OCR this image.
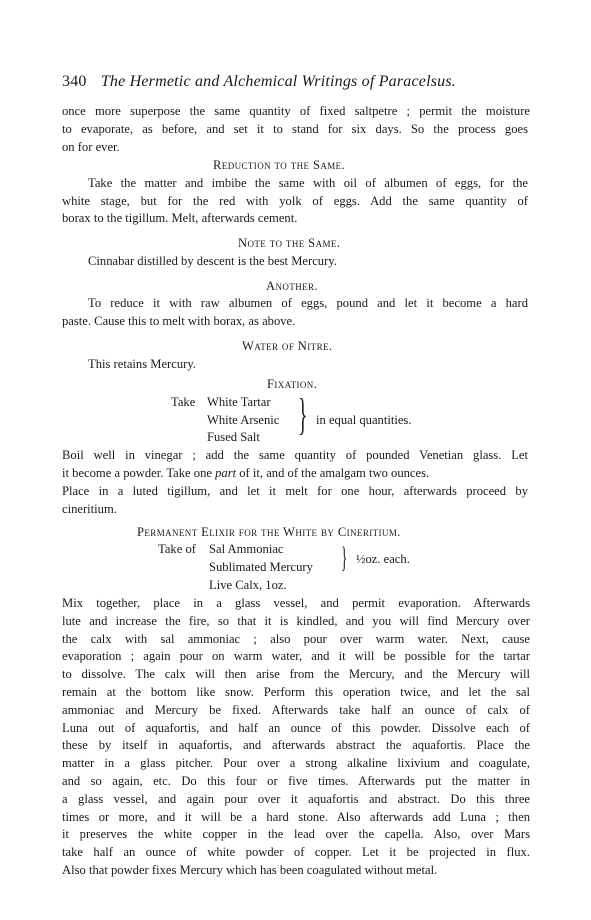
340 The Hermetic and Alchemical Writings of Paracelsus.
once more superpose the same quantity of fixed saltpetre ; permit the moisture
to evaporate, as before, and set it to stand for six days. So the process goes
on for ever.
Reduction to the Same.
Take the matter and imbibe the same with oil of albumen of eggs, for the
white stage, but for the red with yolk of eggs. Add the same quantity of
borax to the tigillum. Melt, afterwards cement.
Note to the Same.
Cinnabar distilled by descent is the best Mercury.
Another.
To reduce it with raw albumen of eggs, pound and let it become a hard
paste. Cause this to melt with borax, as above.
Water of Nitre.
This retains Mercury.
Fixation.
Take White Tartar
White Arsenic
Fused Salt } in equal quantities.
Boil well in vinegar ; add the same quantity of pounded Venetian glass. Let
it become a powder. Take one part of it, and of the amalgam two ounces.
Place in a luted tigillum, and let it melt for one hour, afterwards proceed by
cineritium.
Permanent Elixir for the White by Cineritium.
Take of Sal Ammoniac
Sublimated Mercury
Live Calx, 1oz.
} ½oz. each.
Mix together, place in a glass vessel, and permit evaporation. Afterwards
lute and increase the fire, so that it is kindled, and you will find Mercury over
the calx with sal ammoniac ; also pour over warm water. Next, cause
evaporation ; again pour on warm water, and it will be possible for the tartar
to dissolve. The calx will then arise from the Mercury, and the Mercury will
remain at the bottom like snow. Perform this operation twice, and let the sal
ammoniac and Mercury be fixed. Afterwards take half an ounce of calx of
Luna out of aquafortis, and half an ounce of this powder. Dissolve each of
these by itself in aquafortis, and afterwards abstract the aquafortis. Place the
matter in a glass pitcher. Pour over a strong alkaline lixivium and coagulate,
and so again, etc. Do this four or five times. Afterwards put the matter in
a glass vessel, and again pour over it aquafortis and abstract. Do this three
times or more, and it will be a hard stone. Also afterwards add Luna ; then
it preserves the white copper in the lead over the capella. Also, over Mars
take half an ounce of white powder of copper. Let it be projected in flux.
Also that powder fixes Mercury which has been coagulated without metal.
